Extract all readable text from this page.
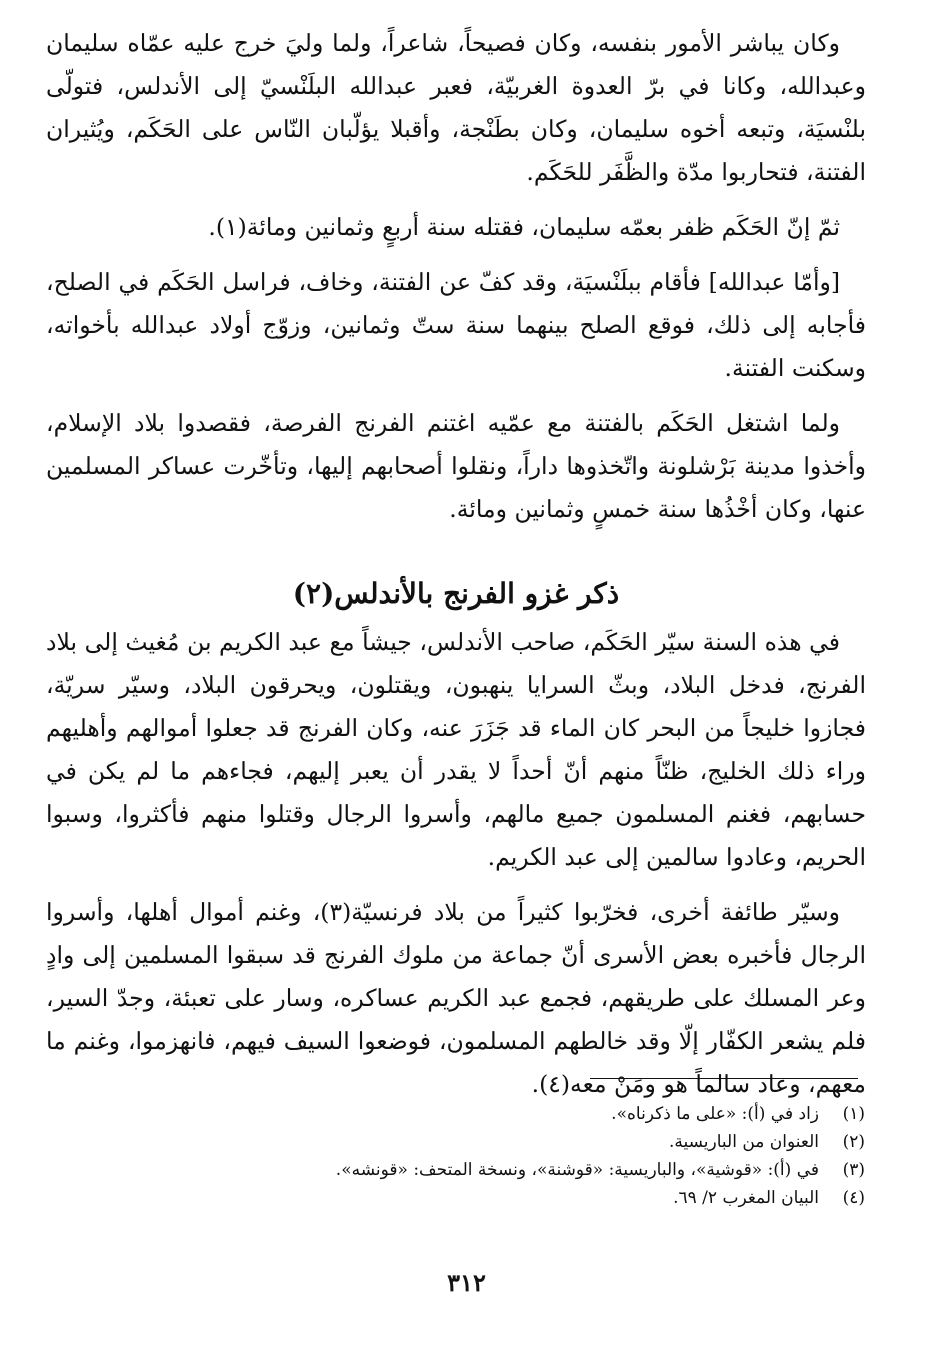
وكان يباشر الأمور بنفسه، وكان فصيحاً، شاعراً، ولما وليَ خرج عليه عمّاه سليمان وعبدالله، وكانا في برّ العدوة الغربيّة، فعبر عبدالله البلَنْسيّ إلى الأندلس، فتولّى بلنْسيَة، وتبعه أخوه سليمان، وكان بطَنْجة، وأقبلا يؤلّبان النّاس على الحَكَم، ويُثيران الفتنة، فتحاربوا مدّة والظَّفَر للحَكَم.

ثمّ إنّ الحَكَم ظفر بعمّه سليمان، فقتله سنة أربعٍ وثمانين ومائة(١).

[وأمّا عبدالله] فأقام ببلَنْسيَة، وقد كفّ عن الفتنة، وخاف، فراسل الحَكَم في الصلح، فأجابه إلى ذلك، فوقع الصلح بينهما سنة ستّ وثمانين، وزوّج أولاد عبدالله بأخواته، وسكنت الفتنة.

ولما اشتغل الحَكَم بالفتنة مع عمّيه اغتنم الفرنج الفرصة، فقصدوا بلاد الإسلام، وأخذوا مدينة بَرْشلونة واتّخذوها داراً، ونقلوا أصحابهم إليها، وتأخّرت عساكر المسلمين عنها، وكان أخْذُها سنة خمسٍ وثمانين ومائة.

ذكر غزو الفرنج بالأندلس(٢)

في هذه السنة سيّر الحَكَم، صاحب الأندلس، جيشاً مع عبد الكريم بن مُغيث إلى بلاد الفرنج، فدخل البلاد، وبثّ السرايا ينهبون، ويقتلون، ويحرقون البلاد، وسيّر سريّة، فجازوا خليجاً من البحر كان الماء قد جَزَرَ عنه، وكان الفرنج قد جعلوا أموالهم وأهليهم وراء ذلك الخليج، ظنّاً منهم أنّ أحداً لا يقدر أن يعبر إليهم، فجاءهم ما لم يكن في حسابهم، فغنم المسلمون جميع مالهم، وأسروا الرجال وقتلوا منهم فأكثروا، وسبوا الحريم، وعادوا سالمين إلى عبد الكريم.

وسيّر طائفة أخرى، فخرّبوا كثيراً من بلاد فرنسيّة(٣)، وغنم أموال أهلها، وأسروا الرجال فأخبره بعض الأسرى أنّ جماعة من ملوك الفرنج قد سبقوا المسلمين إلى وادٍ وعر المسلك على طريقهم، فجمع عبد الكريم عساكره، وسار على تعبئة، وجدّ السير، فلم يشعر الكفّار إلّا وقد خالطهم المسلمون، فوضعوا السيف فيهم، فانهزموا، وغنم ما معهم، وعاد سالماً هو ومَنْ معه(٤).

(١)
زاد في (أ): «على ما ذكرناه».
(٢)
العنوان من الباريسية.
(٣)
في (أ): «قوشية»، والباريسية: «قوشنة»، ونسخة المتحف: «قونشه».
(٤)
البيان المغرب ٢/ ٦٩.
٣١٢
